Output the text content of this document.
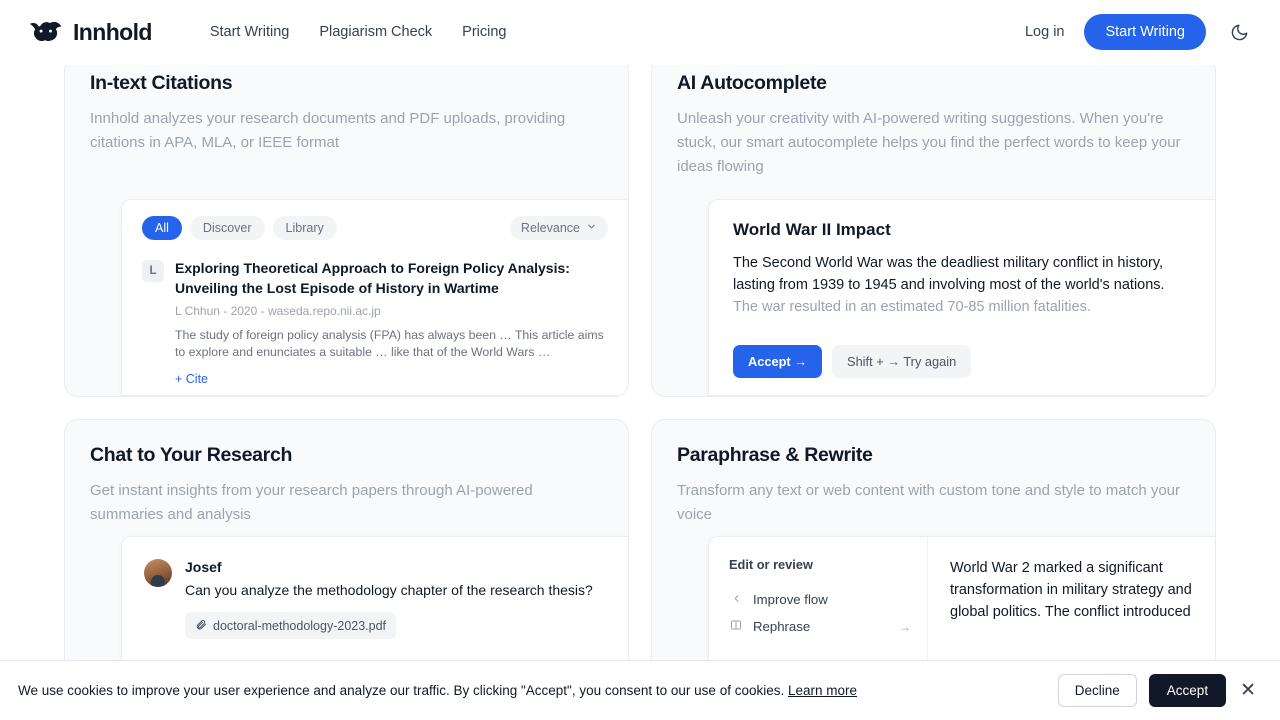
Innhold	Start Writing Plagiarism Check Pricing	Log in	Start Writing
In-text Citations

Innhold analyzes your research documents and PDF uploads, providing citations in APA, MLA, or IEEE format

All	Discover	Library	Relevance
L	Exploring Theoretical Approach to Foreign Policy Analysis: Unveiling the Lost Episode of History in Wartime

L Chhun - 2020 - waseda.repo.nii.ac.jp

The study of foreign policy analysis (FPA) has always been … This article aims to explore and enunciates a suitable … like that of the World Wars …

+ Cite
AI Autocomplete

Unleash your creativity with AI-powered writing suggestions. When you're stuck, our smart autocomplete helps you find the perfect words to keep your ideas flowing

World War II Impact

The Second World War was the deadliest military conflict in history, lasting from 1939 to 1945 and involving most of the world's nations. The war resulted in an estimated 70-85 million fatalities.

Accept →	Shift + → Try again
Chat to Your Research

Get instant insights from your research papers through AI-powered summaries and analysis

Josef

Can you analyze the methodology chapter of the research thesis?

doctoral-methodology-2023.pdf
Paraphrase & Rewrite

Transform any text or web content with custom tone and style to match your voice

Edit or review

Improve flow
Rephrase	→
World War 2 marked a significant transformation in military strategy and global politics. The conflict introduced
We use cookies to improve your user experience and analyze our traffic. By clicking "Accept", you consent to our use of cookies. Learn more	Decline	Accept	✕
